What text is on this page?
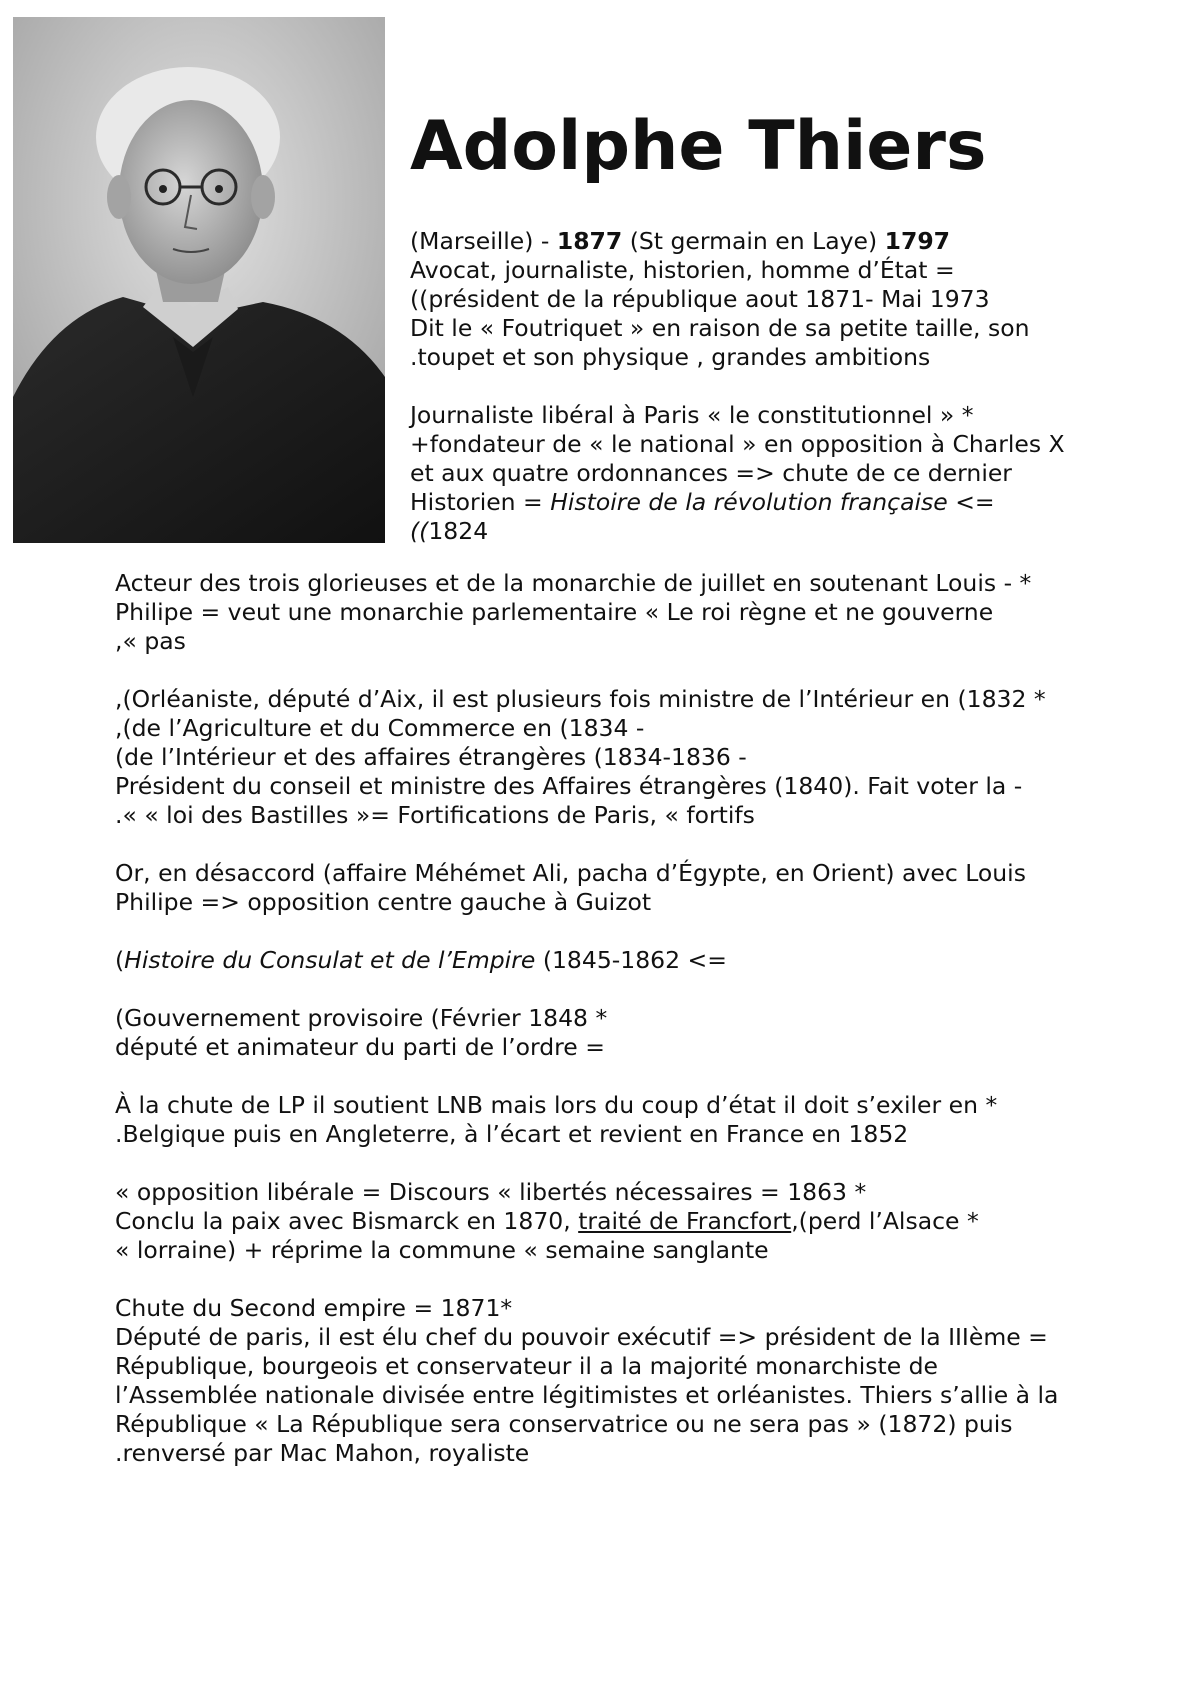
Adolphe Thiers
(Marseille) - 1877 (St germain en Laye) 1797
Avocat, journaliste, historien, homme d’État =
((président de la république aout 1871- Mai 1973
Dit le « Foutriquet » en raison de sa petite taille, son
.toupet et son physique , grandes ambitions
Journaliste libéral à Paris « le constitutionnel » *
+fondateur de « le national » en opposition à Charles X
et aux quatre ordonnances => chute de ce dernier
Historien = Histoire de la révolution française <=
((1824
Acteur des trois glorieuses et de la monarchie de juillet en soutenant Louis - *
Philipe = veut une monarchie parlementaire « Le roi règne et ne gouverne
,« pas
,(Orléaniste, député d’Aix, il est plusieurs fois ministre de l’Intérieur en (1832 *
,(de l’Agriculture et du Commerce en (1834 -
(de l’Intérieur et des affaires étrangères (1834-1836 -
Président du conseil et ministre des Affaires étrangères (1840). Fait voter la -
.« « loi des Bastilles »= Fortifications de Paris, « fortifs
Or, en désaccord (affaire Méhémet Ali, pacha d’Égypte, en Orient) avec Louis
Philipe => opposition centre gauche à Guizot
(Histoire du Consulat et de l’Empire (1845-1862 <=
(Gouvernement provisoire (Février 1848 *
député et animateur du parti de l’ordre =
À la chute de LP il soutient LNB mais lors du coup d’état il doit s’exiler en *
.Belgique puis en Angleterre, à l’écart et revient en France en 1852
« opposition libérale = Discours « libertés nécessaires = 1863 *
Conclu la paix avec Bismarck en 1870, traité de Francfort,(perd l’Alsace *
« lorraine) + réprime la commune « semaine sanglante
Chute du Second empire = 1871*
Député de paris, il est élu chef du pouvoir exécutif => président de la IIIème =
République, bourgeois et conservateur il a la majorité monarchiste de
l’Assemblée nationale divisée entre légitimistes et orléanistes. Thiers s’allie à la
République « La République sera conservatrice ou ne sera pas » (1872) puis
.renversé par Mac Mahon, royaliste
